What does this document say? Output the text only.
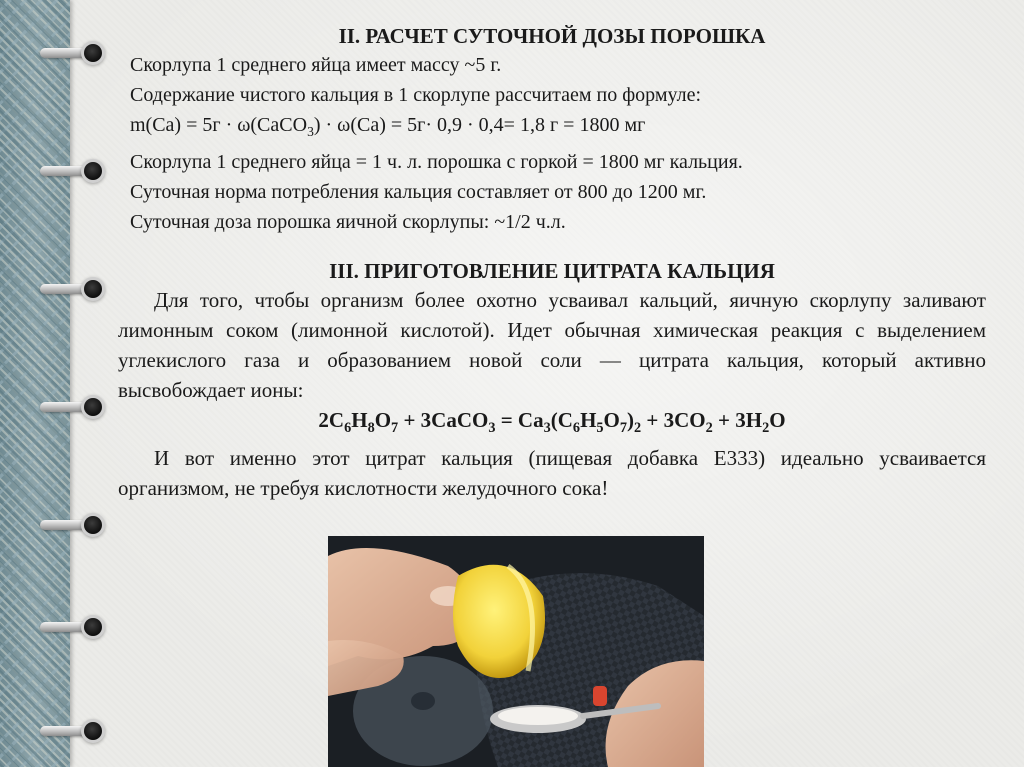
II. РАСЧЕТ СУТОЧНОЙ ДОЗЫ ПОРОШКА
Скорлупа 1 среднего яйца имеет массу ~5 г.
Содержание чистого кальция в 1 скорлупе рассчитаем по формуле:
m(Ca) = 5г · ω(CaCO$_3$) · ω(Ca) = 5г· 0,9 · 0,4= 1,8 г = 1800 мг
Скорлупа 1 среднего яйца = 1 ч. л. порошка с горкой = 1800 мг кальция.
Суточная норма потребления кальция составляет от 800 до 1200 мг.
Суточная доза порошка яичной скорлупы: ~1/2 ч.л.
III. ПРИГОТОВЛЕНИЕ ЦИТРАТА КАЛЬЦИЯ

Для того, чтобы организм более охотно усваивал кальций, яичную скорлупу заливают лимонным соком (лимонной кислотой). Идет обычная химическая реакция с выделением углекислого газа и образованием новой соли ― цитрата кальция, который активно высвобождает ионы:

$2C_6H_8O_7$ + 3CaCO$_3$ = $Ca_3(C_6H_5O_7)_2 + 3CO_2 + 3H_2O$

И вот именно этот цитрат кальция (пищевая добавка Е333) идеально усваивается организмом, не требуя кислотности желудочного сока!
